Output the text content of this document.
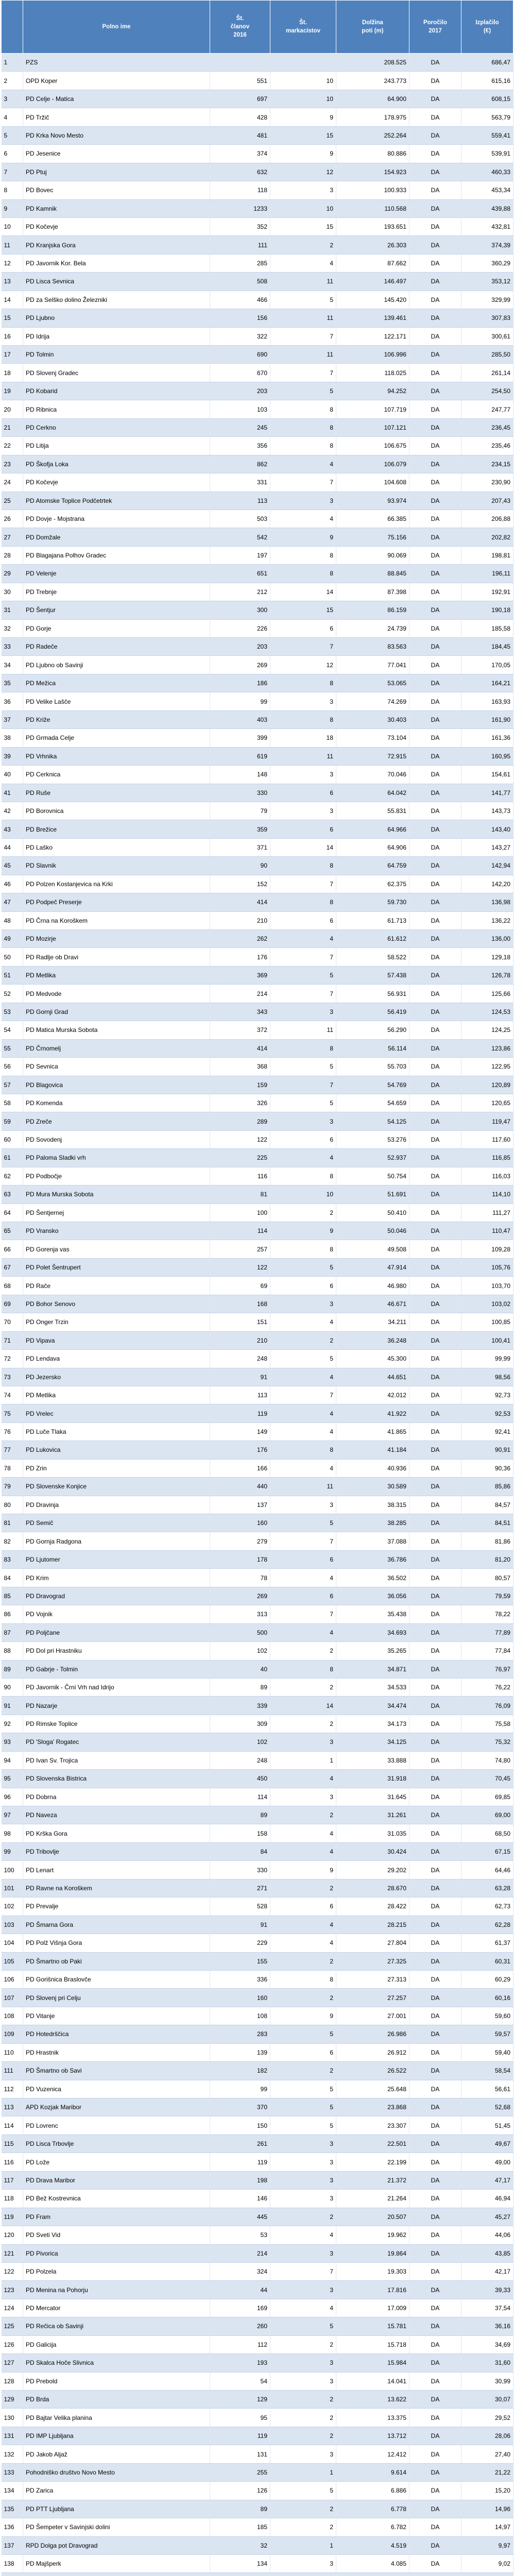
	Polno ime	Št.
članov
2016	Št.
markacistov	Dolžina
poti (m)	Poročilo
2017	Izplačilo
(€)
1	PZS			208.525	DA	686,47
2	OPD Koper	551	10	243.773	DA	615,16
3	PD Celje - Matica	697	10	64.900	DA	608,15
4	PD Tržič	428	9	178.975	DA	563,79
5	PD Krka Novo Mesto	481	15	252.264	DA	559,41
6	PD Jesenice	374	9	80.886	DA	539,91
7	PD Ptuj	632	12	154.923	DA	460,33
8	PD Bovec	118	3	100.933	DA	453,34
9	PD Kamnik	1233	10	110.568	DA	439,88
10	PD Kočevje	352	15	193.651	DA	432,81
11	PD Kranjska Gora	111	2	26.303	DA	374,39
12	PD Javornik Kor. Bela	285	4	87.662	DA	360,29
13	PD Lisca Sevnica	508	11	146.497	DA	353,12
14	PD za Selško dolino Železniki	466	5	145.420	DA	329,99
15	PD Ljubno	156	11	139.461	DA	307,83
16	PD Idrija	322	7	122.171	DA	300,61
17	PD Tolmin	690	11	106.996	DA	285,50
18	PD Slovenj Gradec	670	7	118.025	DA	261,14
19	PD Kobarid	203	5	94.252	DA	254,50
20	PD Ribnica	103	8	107.719	DA	247,77
21	PD Cerkno	245	8	107.121	DA	236,45
22	PD Litija	356	8	106.675	DA	235,46
23	PD Škofja Loka	862	4	106.079	DA	234,15
24	PD Kočevje	331	7	104.608	DA	230,90
25	PD Atomske Toplice Podčetrtek	113	3	93.974	DA	207,43
26	PD Dovje - Mojstrana	503	4	66.385	DA	206,88
27	PD Domžale	542	9	75.156	DA	202,82
28	PD Blagajana Polhov Gradec	197	8	90.069	DA	198,81
29	PD Velenje	651	8	88.845	DA	196,11
30	PD Trebnje	212	14	87.398	DA	192,91
31	PD Šentjur	300	15	86.159	DA	190,18
32	PD Gorje	226	6	24.739	DA	185,58
33	PD Radeče	203	7	83.563	DA	184,45
34	PD Ljubno ob Savinji	269	12	77.041	DA	170,05
35	PD Mežica	186	8	53.065	DA	164,21
36	PD Velike Lašče	99	3	74.269	DA	163,93
37	PD Križe	403	8	30.403	DA	161,90
38	PD Grmada Celje	399	18	73.104	DA	161,36
39	PD Vrhnika	619	11	72.915	DA	160,95
40	PD Cerknica	148	3	70.046	DA	154,61
41	PD Ruše	330	6	64.042	DA	141,77
42	PD Borovnica	79	3	55.831	DA	143,73
43	PD Brežice	359	6	64.966	DA	143,40
44	PD Laško	371	14	64.906	DA	143,27
45	PD Slavnik	90	8	64.759	DA	142,94
46	PD Polzen Kostanjevica na Krki	152	7	62.375	DA	142,20
47	PD Podpeč Preserje	414	8	59.730	DA	136,98
48	PD Črna na Koroškem	210	6	61.713	DA	136,22
49	PD Mozirje	262	4	61.612	DA	136,00
50	PD Radlje ob Dravi	176	7	58.522	DA	129,18
51	PD Metlika	369	5	57.438	DA	126,78
52	PD Medvode	214	7	56.931	DA	125,66
53	PD Gornji Grad	343	3	56.419	DA	124,53
54	PD Matica Murska Sobota	372	11	56.290	DA	124,25
55	PD Črnomelj	414	8	56.114	DA	123,86
56	PD Sevnica	368	5	55.703	DA	122,95
57	PD Blagovica	159	7	54.769	DA	120,89
58	PD Komenda	326	5	54.659	DA	120,65
59	PD Zreče	289	3	54.125	DA	119,47
60	PD Sovodenj	122	6	53.276	DA	117,60
61	PD Paloma Sladki vrh	225	4	52.937	DA	116,85
62	PD Podbočje	116	8	50.754	DA	116,03
63	PD Mura Murska Sobota	81	10	51.691	DA	114,10
64	PD Šentjernej	100	2	50.410	DA	111,27
65	PD Vransko	114	9	50.046	DA	110,47
66	PD Gorenja vas	257	8	49.508	DA	109,28
67	PD Polet Šentrupert	122	5	47.914	DA	105,76
68	PD Rače	69	6	46.980	DA	103,70
69	PD Bohor Senovo	168	3	46.671	DA	103,02
70	PD Onger Trzin	151	4	34.211	DA	100,85
71	PD Vipava	210	2	36.248	DA	100,41
72	PD Lendava	248	5	45.300	DA	99,99
73	PD Jezersko	91	4	44.651	DA	98,56
74	PD Metlika	113	7	42.012	DA	92,73
75	PD Vrelec	119	4	41.922	DA	92,53
76	PD Luče Tlaka	149	4	41.865	DA	92,41
77	PD Lukovica	176	8	41.184	DA	90,91
78	PD Zrin	166	4	40.936	DA	90,36
79	PD Slovenske Konjice	440	11	30.589	DA	85,86
80	PD Dravinja	137	3	38.315	DA	84,57
81	PD Semič	160	5	38.285	DA	84,51
82	PD Gornja Radgona	279	7	37.088	DA	81,86
83	PD Ljutomer	178	6	36.786	DA	81,20
84	PD Krim	78	4	36.502	DA	80,57
85	PD Dravograd	269	6	36.056	DA	79,59
86	PD Vojnik	313	7	35.438	DA	78,22
87	PD Poljčane	500	4	34.693	DA	77,89
88	PD Dol pri Hrastniku	102	2	35.265	DA	77,84
89	PD Gabrje - Tolmin	40	8	34.871	DA	76,97
90	PD Javornik - Črni Vrh nad Idrijo	89	2	34.533	DA	76,22
91	PD Nazarje	339	14	34.474	DA	76,09
92	PD Rimske Toplice	309	2	34.173	DA	75,58
93	PD 'Sloga' Rogatec	102	3	34.125	DA	75,32
94	PD Ivan Sv. Trojica	248	1	33.888	DA	74,80
95	PD Slovenska Bistrica	450	4	31.918	DA	70,45
96	PD Dobrna	114	3	31.645	DA	69,85
97	PD Naveza	89	2	31.261	DA	69,00
98	PD Krška Gora	158	4	31.035	DA	68,50
99	PD Tribovlje	84	4	30.424	DA	67,15
100	PD Lenart	330	9	29.202	DA	64,46
101	PD Ravne na Koroškem	271	2	28.670	DA	63,28
102	PD Prevalje	528	6	28.422	DA	62,73
103	PD Šmarna Gora	91	4	28.215	DA	62,28
104	PD Polž Višnja Gora	229	4	27.804	DA	61,37
105	PD Šmartno ob Paki	155	2	27.325	DA	60,31
106	PD Gorišnica Braslovče	336	8	27.313	DA	60,29
107	PD Slovenj pri Celju	160	2	27.257	DA	60,16
108	PD Vitanje	108	9	27.001	DA	59,60
109	PD Hotedrščica	283	5	26.986	DA	59,57
110	PD Hrastnik	139	6	26.912	DA	59,40
111	PD Šmartno ob Savi	182	2	26.522	DA	58,54
112	PD Vuzenica	99	5	25.648	DA	56,61
113	APD Kozjak Maribor	370	5	23.868	DA	52,68
114	PD Lovrenc	150	5	23.307	DA	51,45
115	PD Lisca Trbovlje	261	3	22.501	DA	49,67
116	PD Lože	119	3	22.199	DA	49,00
117	PD Drava Maribor	198	3	21.372	DA	47,17
118	PD Bež Kostrevnica	146	3	21.264	DA	46,94
119	PD Fram	445	2	20.507	DA	45,27
120	PD Sveti Vid	53	4	19.962	DA	44,06
121	PD Pivorica	214	3	19.864	DA	43,85
122	PD Polzela	324	7	19.303	DA	42,17
123	PD Menina na Pohorju	44	3	17.816	DA	39,33
124	PD Mercator	169	4	17.009	DA	37,54
125	PD Rečica ob Savinji	260	5	15.781	DA	36,16
126	PD Galicija	112	2	15.718	DA	34,69
127	PD Skalca Hoče Slivnica	193	3	15.984	DA	31,60
128	PD Prebold	54	3	14.041	DA	30,99
129	PD Brda	129	2	13.622	DA	30,07
130	PD Bajtar Velika planina	95	2	13.375	DA	29,52
131	PD IMP Ljubljana	119	2	13.712	DA	28,06
132	PD Jakob Aljaž	131	3	12.412	DA	27,40
133	Pohodniško društvo Novo Mesto	255	1	9.614	DA	21,22
134	PD Zarica	126	5	6.886	DA	15,20
135	PD PTT Ljubljana	89	2	6.778	DA	14,96
136	PD Šempeter v Savinjski dolini	185	2	6.782	DA	14,97
137	RPD Dolga pot Dravograd	32	1	4.519	DA	9,97
138	PD Majšperk	134	3	4.085	DA	9,02
